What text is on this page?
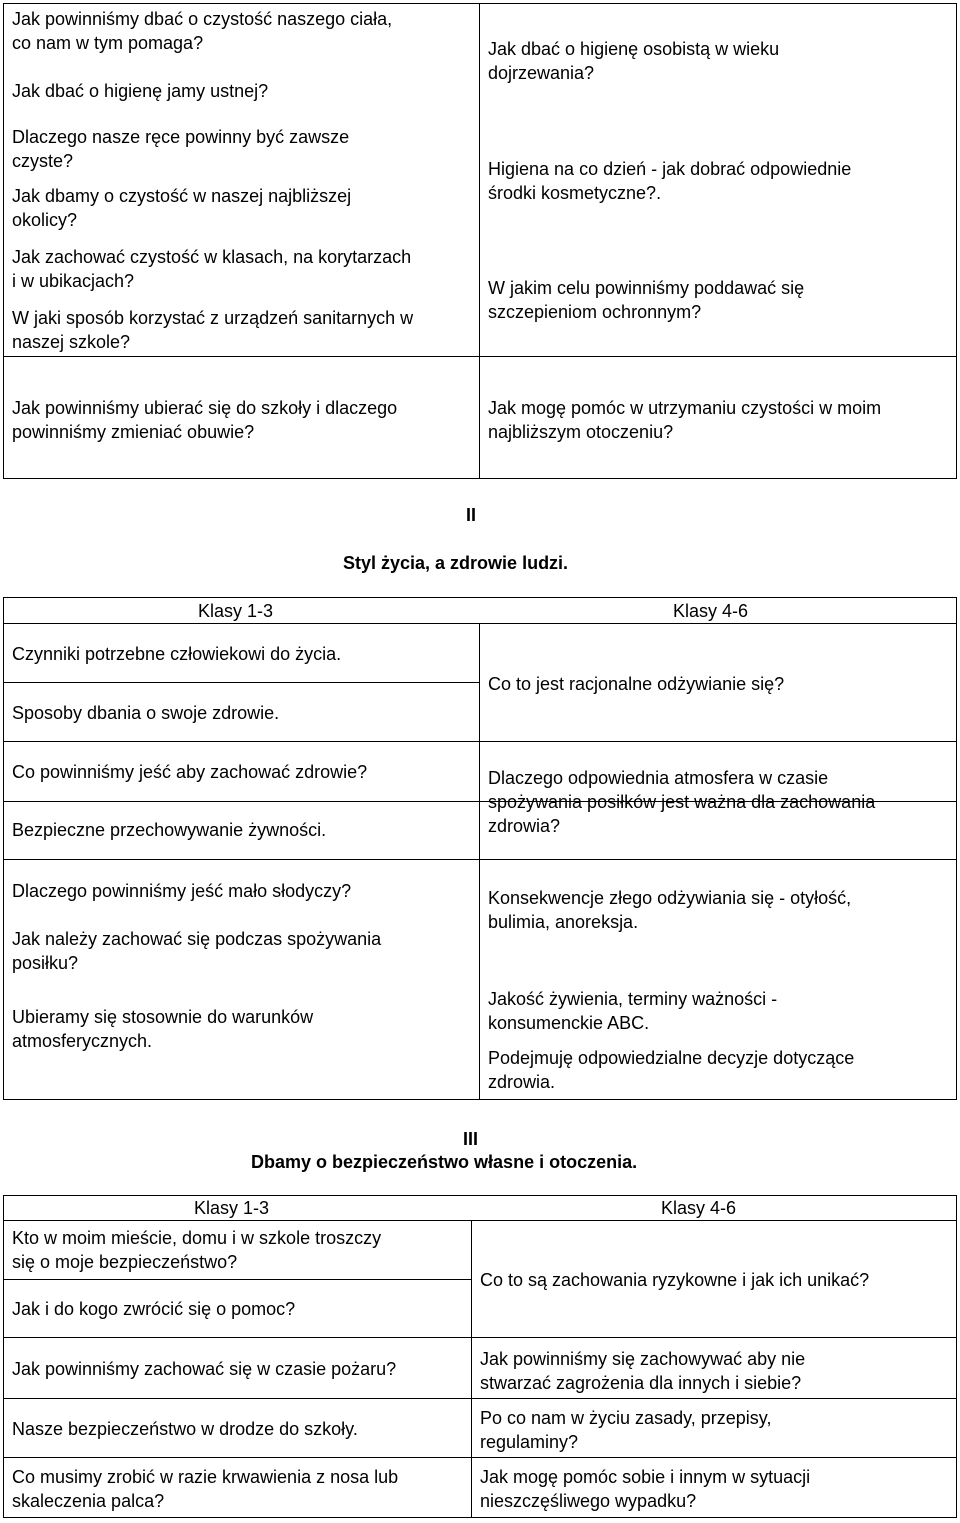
Jak powinniśmy dbać o czystość naszego ciała,
co nam w tym pomaga?
Jak dbać o higienę jamy ustnej?
Dlaczego nasze ręce powinny być zawsze
czyste?
Jak dbamy o czystość w naszej najbliższej
okolicy?
Jak zachować czystość w klasach, na korytarzach
i w ubikacjach?
W jaki sposób korzystać z urządzeń sanitarnych w
naszej szkole?
Jak dbać o higienę osobistą w wieku
dojrzewania?
Higiena na co dzień - jak dobrać odpowiednie
środki kosmetyczne?.
W jakim celu powinniśmy poddawać się
szczepieniom ochronnym?
Jak powinniśmy ubierać się do szkoły i dlaczego
powinniśmy zmieniać obuwie?
Jak mogę pomóc w utrzymaniu czystości w moim
najbliższym otoczeniu?
II
Styl życia, a zdrowie ludzi.
Klasy 1-3	Klasy 4-6
Czynniki potrzebne człowiekowi do życia.
Sposoby dbania o swoje zdrowie.
Co powinniśmy jeść aby zachować zdrowie?
Bezpieczne przechowywanie żywności.
Dlaczego powinniśmy jeść mało słodyczy?
Jak należy zachować się podczas spożywania
posiłku?
Ubieramy się stosownie do warunków
atmosferycznych.
Co to jest racjonalne odżywianie się?
Dlaczego odpowiednia atmosfera w czasie
spożywania posiłków jest ważna dla zachowania
zdrowia?
Konsekwencje złego odżywiania się - otyłość,
bulimia, anoreksja.
Jakość żywienia, terminy ważności -
konsumenckie ABC.
Podejmuję odpowiedzialne decyzje dotyczące
zdrowia.
III
Dbamy o bezpieczeństwo własne i otoczenia.
Klasy 1-3	Klasy 4-6
Kto w moim mieście, domu i w szkole troszczy
się o moje bezpieczeństwo?
Jak i do kogo zwrócić się o pomoc?
Jak powinniśmy zachować się w czasie pożaru?
Nasze bezpieczeństwo w drodze do szkoły.
Co musimy zrobić w razie krwawienia z nosa lub
skaleczenia palca?
Co to są zachowania ryzykowne i jak ich unikać?
Jak powinniśmy się zachowywać aby nie
stwarzać zagrożenia dla innych i siebie?
Po co nam w życiu zasady, przepisy,
regulaminy?
Jak mogę pomóc sobie i innym w sytuacji
nieszczęśliwego wypadku?
